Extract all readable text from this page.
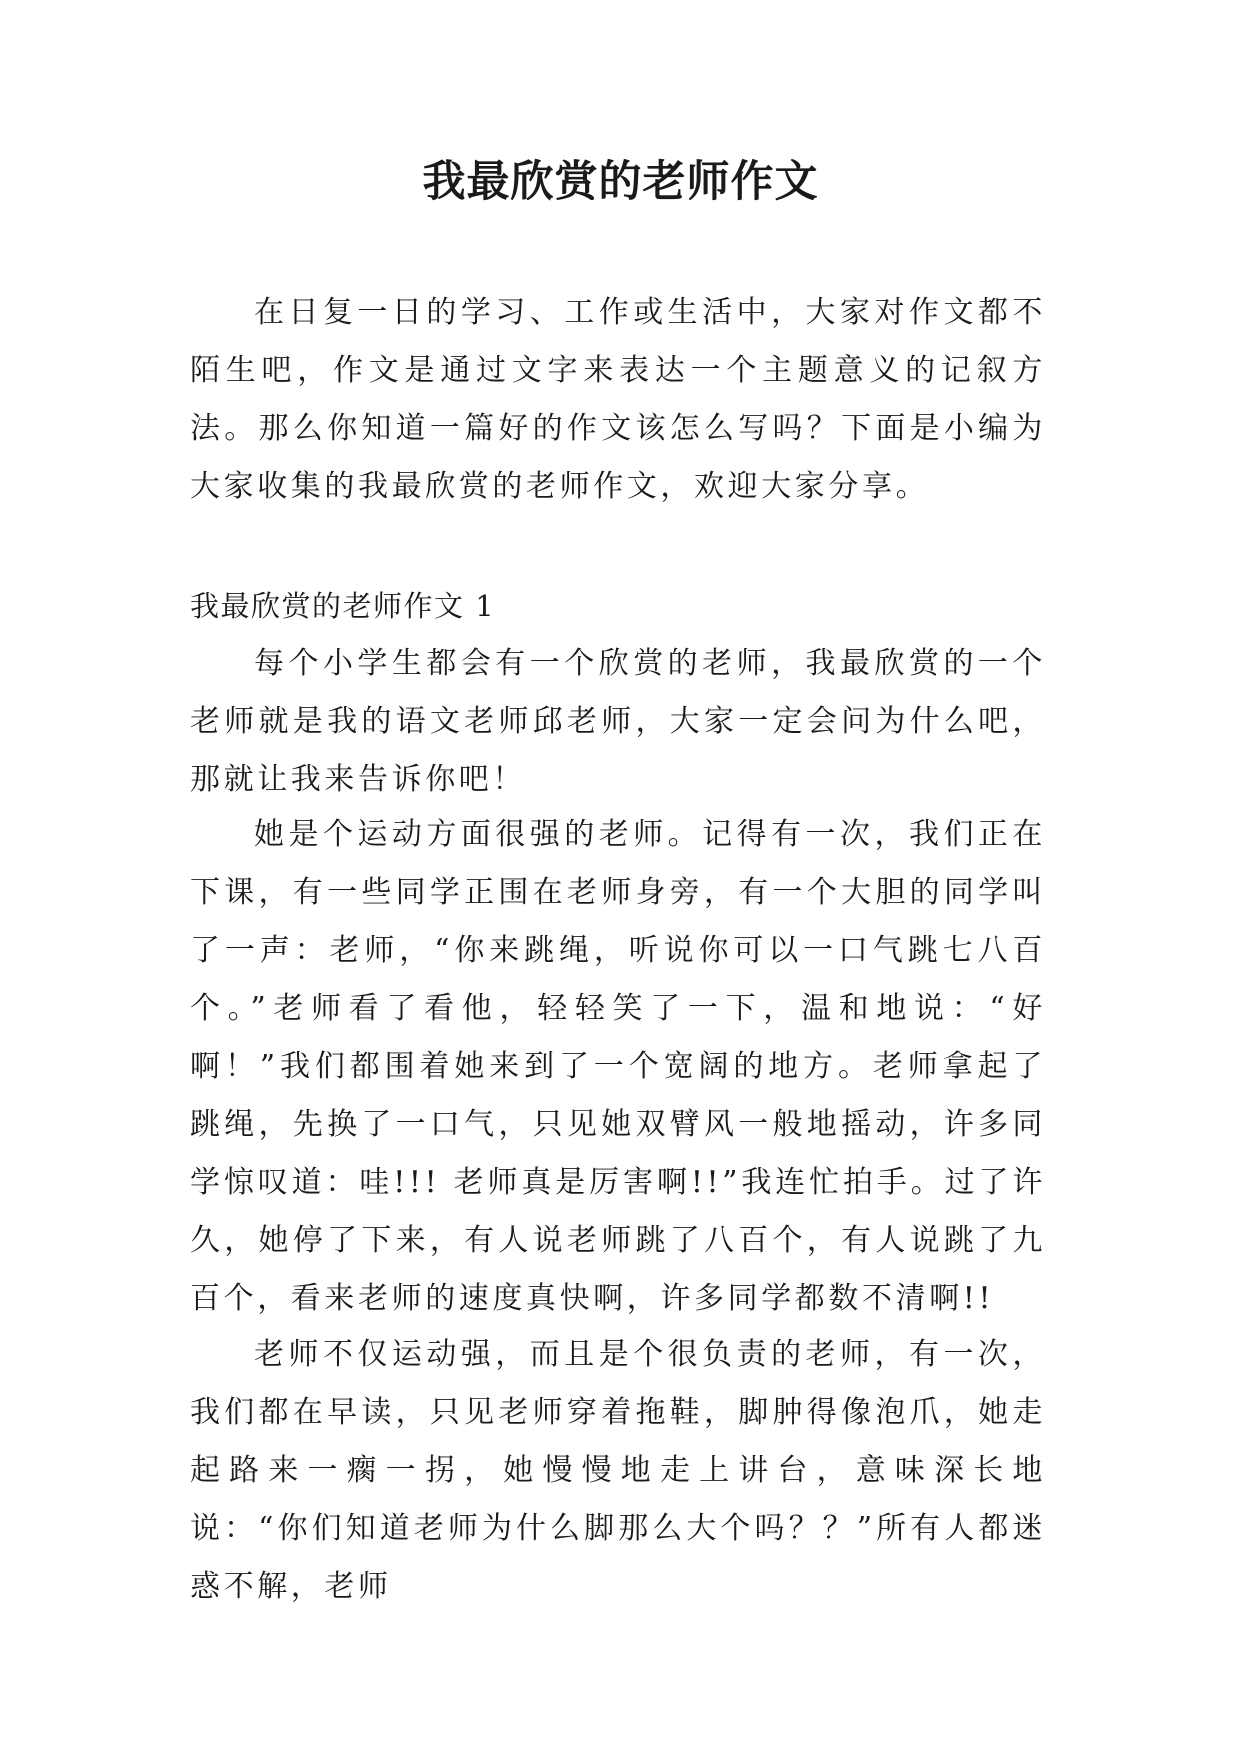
我最欣赏的老师作文

在日复一日的学习、工作或生活中，大家对作文都不陌生吧，作文是通过文字来表达一个主题意义的记叙方法。那么你知道一篇好的作文该怎么写吗？下面是小编为大家收集的我最欣赏的老师作文，欢迎大家分享。

我最欣赏的老师作文 1

每个小学生都会有一个欣赏的老师，我最欣赏的一个老师就是我的语文老师邱老师，大家一定会问为什么吧，那就让我来告诉你吧！

她是个运动方面很强的老师。记得有一次，我们正在下课，有一些同学正围在老师身旁，有一个大胆的同学叫了一声：老师，“你来跳绳，听说你可以一口气跳七八百个。”老师看了看他，轻轻笑了一下，温和地说：“好啊！”我们都围着她来到了一个宽阔的地方。老师拿起了跳绳，先换了一口气，只见她双臂风一般地摇动，许多同学惊叹道：哇!!! 老师真是厉害啊!!”我连忙拍手。过了许久，她停了下来，有人说老师跳了八百个，有人说跳了九百个，看来老师的速度真快啊，许多同学都数不清啊!!

老师不仅运动强，而且是个很负责的老师，有一次，我们都在早读，只见老师穿着拖鞋，脚肿得像泡爪，她走起路来一瘸一拐，她慢慢地走上讲台，意味深长地说：“你们知道老师为什么脚那么大个吗？？”所有人都迷惑不解，老师
